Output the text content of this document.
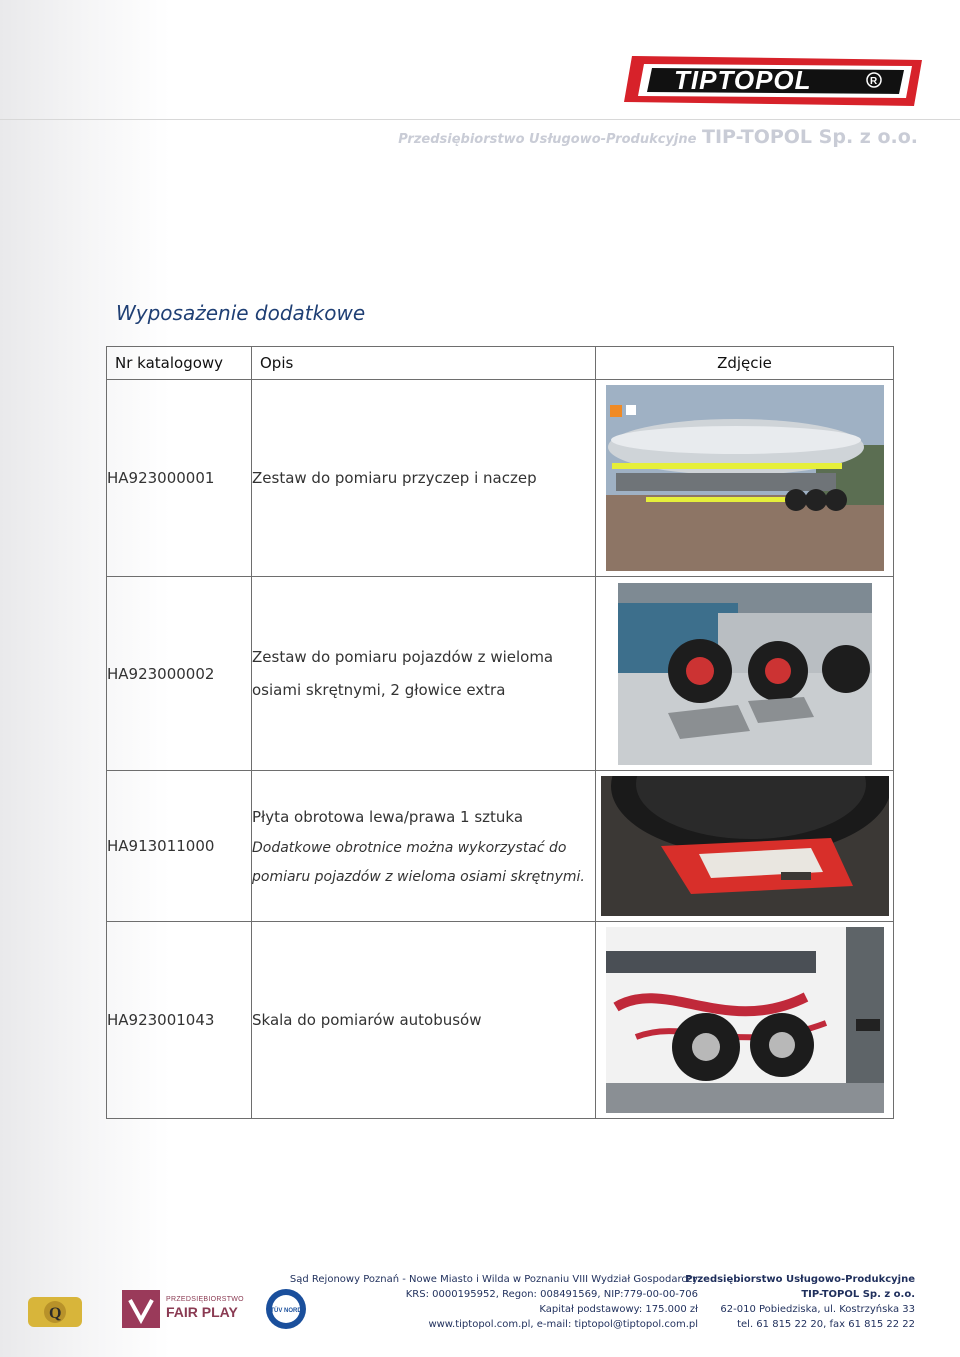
TIPTOPOL	R
Przedsiębiorstwo Usługowo-Produkcyjne TIP-TOPOL Sp. z o.o.
Wyposażenie dodatkowe
Nr katalogowy	Opis	Zdjęcie
HA923000001	Zestaw do pomiaru przyczep i naczep	

HA923000002	Zestaw do pomiaru pojazdów z wieloma
osiami skrętnymi, 2 głowice extra

HA913011000	Płyta obrotowa lewa/prawa 1 sztuka
Dodatkowe obrotnice można wykorzystać do
pomiaru pojazdów z wieloma osiami skrętnymi.

HA923001043	Skala do pomiarów autobusów	
Q
PRZEDSIĘBIORSTWO
FAIR PLAY	TÜV NORD
Sąd Rejonowy Poznań - Nowe Miasto i Wilda w Poznaniu VIII Wydział Gospodarczy
KRS: 0000195952, Regon: 008491569, NIP:779-00-00-706
Kapitał podstawowy: 175.000 zł
www.tiptopol.com.pl, e-mail: tiptopol@tiptopol.com.pl
Przedsiębiorstwo Usługowo-Produkcyjne
TIP-TOPOL Sp. z o.o.
62-010 Pobiedziska, ul. Kostrzyńska 33
tel. 61 815 22 20, fax 61 815 22 22
